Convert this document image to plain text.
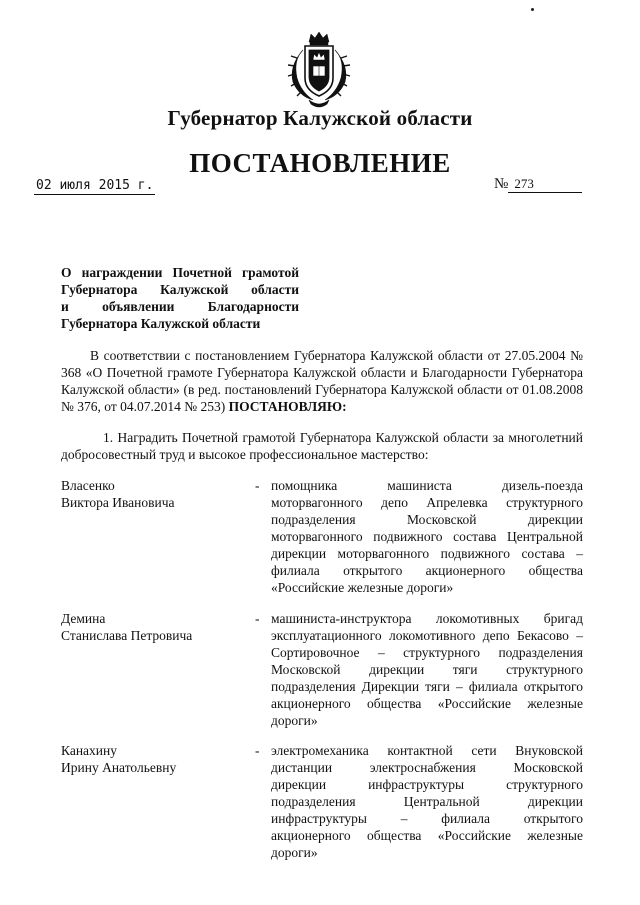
Губернатор Калужской области
ПОСТАНОВЛЕНИЕ
02 июля 2015 г.	№ 273
О награждении Почетной грамотой
Губернатора Калужской области
и объявлении Благодарности
Губернатора Калужской области
В соответствии с постановлением Губернатора Калужской области от 27.05.2004 № 368 «О Почетной грамоте Губернатора Калужской области и Благодарности Губернатора Калужской области» (в ред. постановлений Губернатора Калужской области от 01.08.2008 № 376, от 04.07.2014 № 253) ПОСТАНОВЛЯЮ:
1. Наградить Почетной грамотой Губернатора Калужской области за многолетний добросовестный труд и высокое профессиональное мастерство:
Власенко
Виктора Ивановича
- помощника машиниста дизель-поезда
моторвагонного депо Апрелевка структурного
подразделения Московской дирекции
моторвагонного подвижного состава Центральной
дирекции моторвагонного подвижного состава –
филиала открытого акционерного общества
«Российские железные дороги»
Демина
Станислава Петровича
- машиниста-инструктора локомотивных бригад
эксплуатационного локомотивного депо Бекасово –
Сортировочное – структурного подразделения
Московской дирекции тяги структурного
подразделения Дирекции тяги – филиала открытого
акционерного общества «Российские железные
дороги»
Канахину
Ирину Анатольевну
- электромеханика контактной сети Внуковской
дистанции электроснабжения Московской
дирекции инфраструктуры структурного
подразделения Центральной дирекции
инфраструктуры – филиала открытого
акционерного общества «Российские железные
дороги»
